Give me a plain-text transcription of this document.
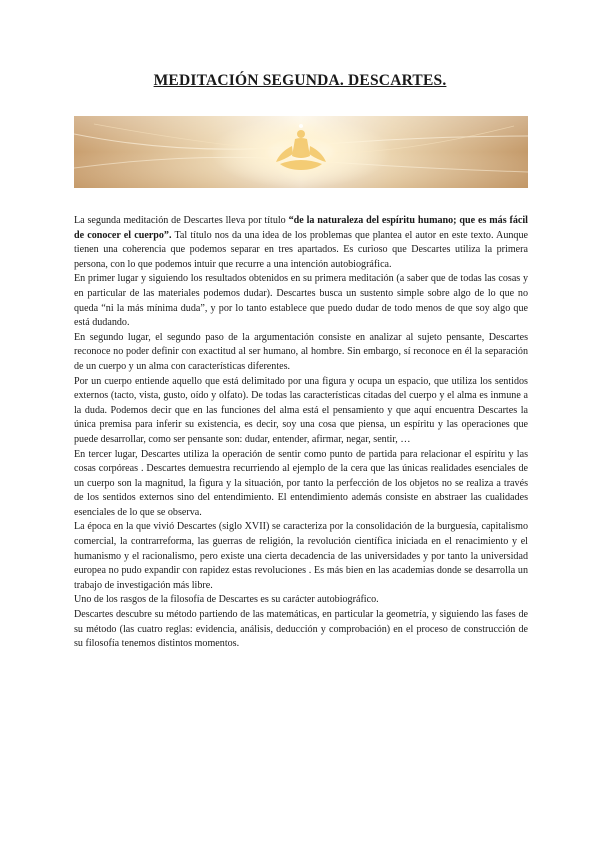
MEDITACIÓN SEGUNDA. DESCARTES.

La segunda meditación de Descartes lleva por título “de la naturaleza del espíritu humano; que es más fácil de conocer el cuerpo”. Tal título nos da una idea de los problemas que plantea el autor en este texto. Aunque tienen una coherencia que podemos separar en tres apartados. Es curioso que Descartes utiliza la primera persona, con lo que podemos intuir que recurre a una intención autobiográfica.

En primer lugar y siguiendo los resultados obtenidos en su primera meditación (a saber que de todas las cosas y en particular de las materiales podemos dudar). Descartes busca un sustento simple sobre algo de lo que no queda “ni la más mínima duda”, y por lo tanto establece que puedo dudar de todo menos de que soy algo que está dudando.

En segundo lugar, el segundo paso de la argumentación consiste en analizar al sujeto pensante, Descartes reconoce no poder definir con exactitud al ser humano, al hombre. Sin embargo, sí reconoce en él la separación de un cuerpo y un alma con características diferentes.

Por un cuerpo entiende aquello que está delimitado por una figura y ocupa un espacio, que utiliza los sentidos externos (tacto, vista, gusto, oído y olfato). De todas las características citadas del cuerpo y el alma es inmune a la duda. Podemos decir que en las funciones del alma está el pensamiento y que aquí encuentra Descartes la única premisa para inferir su existencia, es decir, soy una cosa que piensa, un espíritu y las operaciones que puede desarrollar, como ser pensante son: dudar, entender, afirmar, negar, sentir, …

En tercer lugar, Descartes utiliza la operación de sentir como punto de partida para relacionar el espíritu y las cosas corpóreas . Descartes demuestra recurriendo al ejemplo de la cera que las únicas realidades esenciales de un cuerpo son la magnitud, la figura y la situación, por tanto la perfección de los objetos no se realiza a través de los sentidos externos sino del entendimiento. El entendimiento además consiste en abstraer las cualidades esenciales de lo que se observa.

La época en la que vivió Descartes (siglo XVII) se caracteriza por la consolidación de la burguesía, capitalismo comercial, la contrarreforma, las guerras de religión, la revolución científica iniciada en el renacimiento y el humanismo y el racionalismo, pero existe una cierta decadencia de las universidades y por tanto la universidad europea no pudo expandir con rapidez estas revoluciones . Es más bien en las academias donde se desarrolla un trabajo de investigación más libre.

Uno de los rasgos de la filosofía de Descartes es su carácter autobiográfico.

Descartes descubre su método partiendo de las matemáticas, en particular la geometría, y siguiendo las fases de su método (las cuatro reglas: evidencia, análisis, deducción y comprobación) en el proceso de construcción de su filosofía tenemos distintos momentos.
